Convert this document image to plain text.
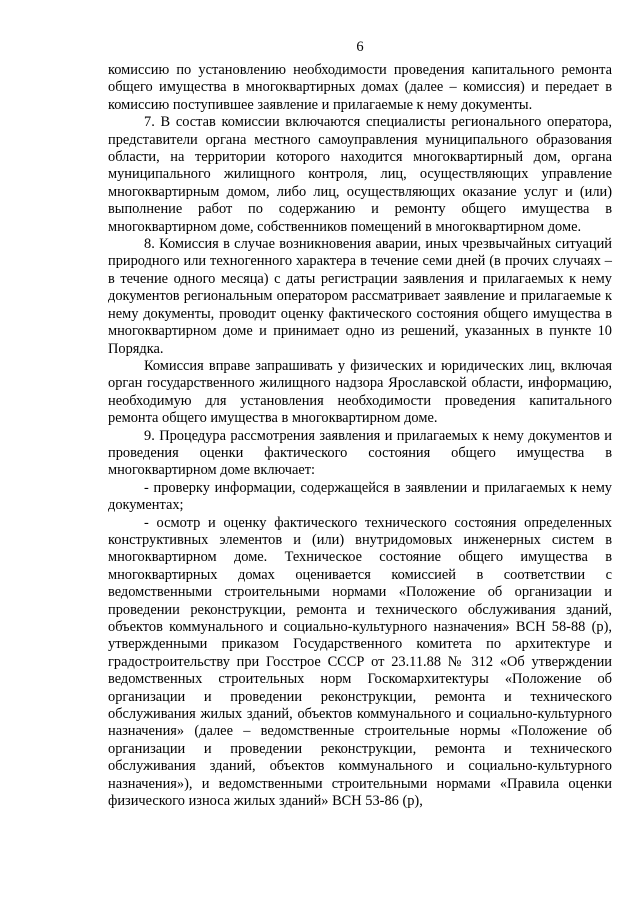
6

комиссию по установлению необходимости проведения капитального ремонта общего имущества в многоквартирных домах (далее – комиссия) и передает в комиссию поступившее заявление и прилагаемые к нему документы.

7. В состав комиссии включаются специалисты регионального оператора, представители органа местного самоуправления муниципального образования области, на территории которого находится многоквартирный дом, органа муниципального жилищного контроля, лиц, осуществляющих управление многоквартирным домом, либо лиц, осуществляющих оказание услуг и (или) выполнение работ по содержанию и ремонту общего имущества в многоквартирном доме, собственников помещений в многоквартирном доме.

8. Комиссия в случае возникновения аварии, иных чрезвычайных ситуаций природного или техногенного характера в течение семи дней (в прочих случаях – в течение одного месяца) с даты регистрации заявления и прилагаемых к нему документов региональным оператором рассматривает заявление и прилагаемые к нему документы, проводит оценку фактического состояния общего имущества в многоквартирном доме и принимает одно из решений, указанных в пункте 10 Порядка.

Комиссия вправе запрашивать у физических и юридических лиц, включая орган государственного жилищного надзора Ярославской области, информацию, необходимую для установления необходимости проведения капитального ремонта общего имущества в многоквартирном доме.

9. Процедура рассмотрения заявления и прилагаемых к нему документов и проведения оценки фактического состояния общего имущества в многоквартирном доме включает:

- проверку информации, содержащейся в заявлении и прилагаемых к нему документах;

- осмотр и оценку фактического технического состояния определенных конструктивных элементов и (или) внутридомовых инженерных систем в многоквартирном доме. Техническое состояние общего имущества в многоквартирных домах оценивается комиссией в соответствии с ведомственными строительными нормами «Положение об организации и проведении реконструкции, ремонта и технического обслуживания зданий, объектов коммунального и социально-культурного назначения» ВСН 58-88 (р), утвержденными приказом Государственного комитета по архитектуре и градостроительству при Госстрое СССР от 23.11.88 № 312 «Об утверждении ведомственных строительных норм Госкомархитектуры «Положение об организации и проведении реконструкции, ремонта и технического обслуживания жилых зданий, объектов коммунального и социально-культурного назначения» (далее – ведомственные строительные нормы «Положение об организации и проведении реконструкции, ремонта и технического обслуживания зданий, объектов коммунального и социально-культурного назначения»), и ведомственными строительными нормами «Правила оценки физического износа жилых зданий» ВСН 53-86 (р),
